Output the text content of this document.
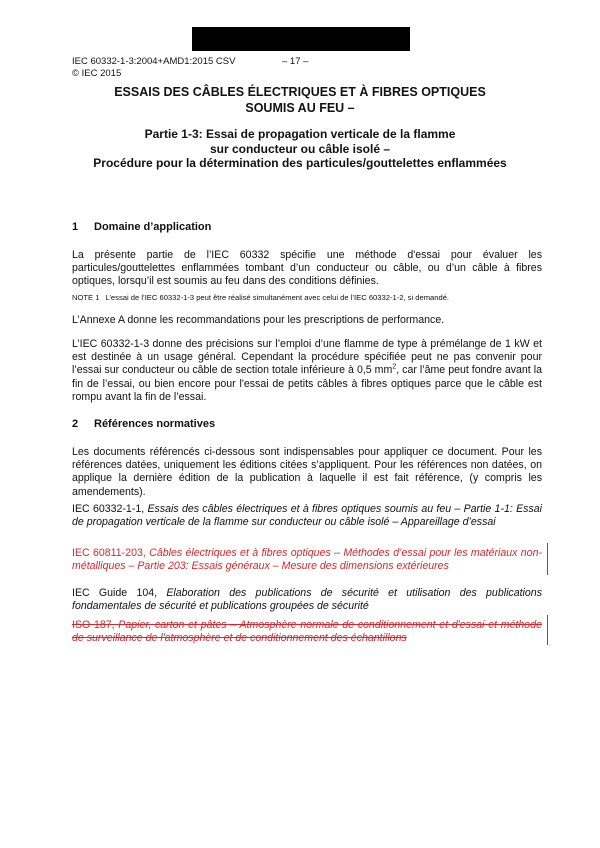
IEC 60332-1-3:2004+AMD1:2015 CSV	– 17 –
© IEC 2015
ESSAIS DES CÂBLES ÉLECTRIQUES ET À FIBRES OPTIQUES
SOUMIS AU FEU –
Partie 1-3: Essai de propagation verticale de la flamme
sur conducteur ou câble isolé –
Procédure pour la détermination des particules/gouttelettes enflammées
1 Domaine d’application
La présente partie de l’IEC 60332 spécifie une méthode d'essai pour évaluer les particules/gouttelettes enflammées tombant d’un conducteur ou câble, ou d’un câble à fibres optiques, lorsqu’il est soumis au feu dans des conditions définies.
NOTE 1 L’essai de l’IEC 60332-1-3 peut être réalisé simultanément avec celui de l’IEC 60332-1-2, si demandé.
L’Annexe A donne les recommandations pour les prescriptions de performance.
L’IEC 60332-1-3 donne des précisions sur l’emploi d’une flamme de type à prémélange de 1 kW et est destinée à un usage général. Cependant la procédure spécifiée peut ne pas convenir pour l’essai sur conducteur ou câble de section totale inférieure à 0,5 $mm^2$, car l’âme peut fondre avant la fin de l’essai, ou bien encore pour l'essai de petits câbles à fibres optiques parce que le câble est rompu avant la fin de l’essai.
2 Références normatives
Les documents référencés ci-dessous sont indispensables pour appliquer ce document. Pour les références datées, uniquement les éditions citées s’appliquent. Pour les références non datées, on applique la dernière édition de la publication à laquelle il est fait référence, (y compris les amendements).
IEC 60332-1-1, Essais des câbles électriques et à fibres optiques soumis au feu – Partie 1-1: Essai de propagation verticale de la flamme sur conducteur ou câble isolé – Appareillage d’essai
IEC 60811-203, Câbles électriques et à fibres optiques – Méthodes d’essai pour les matériaux non-métalliques – Partie 203: Essais généraux – Mesure des dimensions extérieures
IEC Guide 104, Elaboration des publications de sécurité et utilisation des publications fondamentales de sécurité et publications groupées de sécurité
ISO 187, Papier, carton et pâtes – Atmosphère normale de conditionnement et d'essai et méthode de surveillance de l'atmosphère et de conditionnement des échantillons
